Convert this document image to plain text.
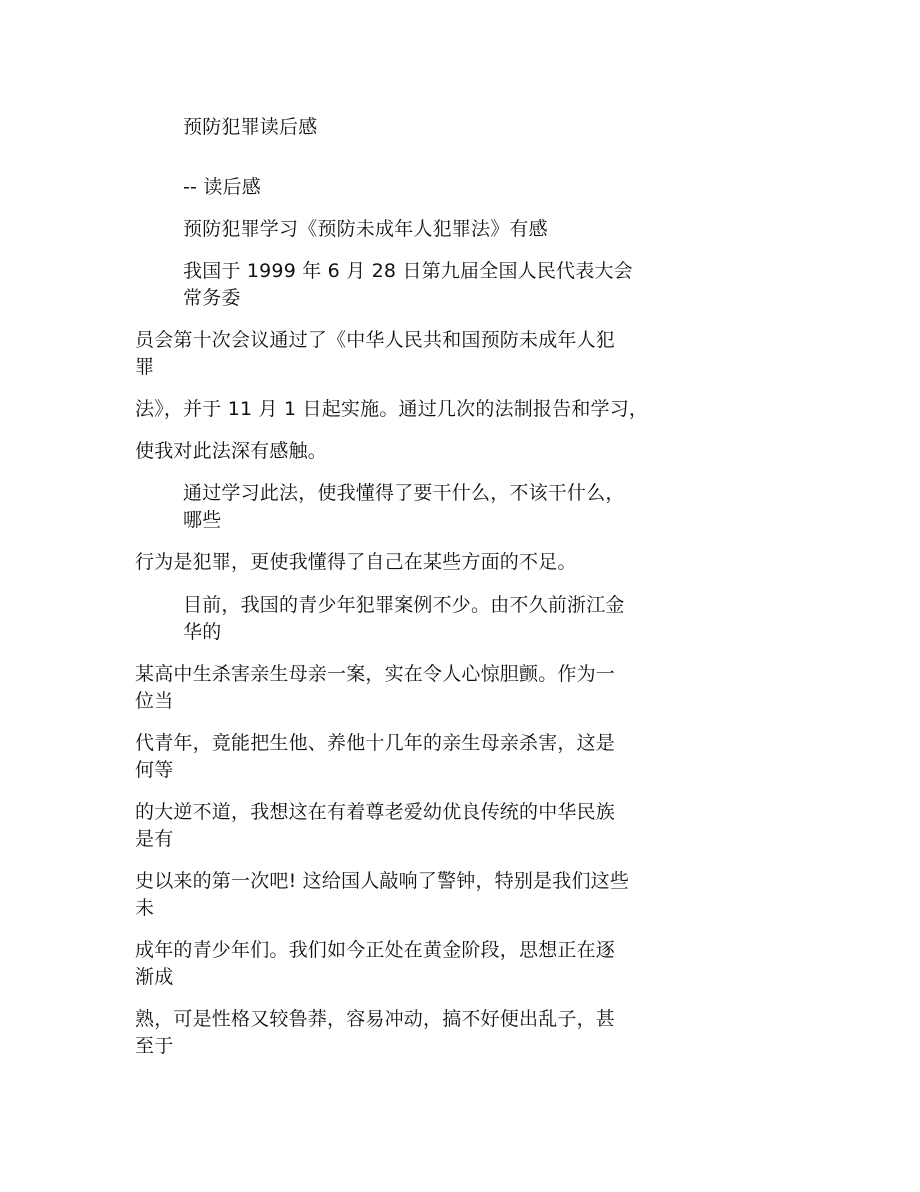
预防犯罪读后感
-- 读后感
预防犯罪学习《预防未成年人犯罪法》有感
我国于 1999 年 6 月 28 日第九届全国人民代表大会
常务委
员会第十次会议通过了《中华人民共和国预防未成年人犯
罪
法》，并于 11 月 1 日起实施。通过几次的法制报告和学习，
使我对此法深有感触。
通过学习此法，使我懂得了要干什么，不该干什么，
哪些
行为是犯罪，更使我懂得了自己在某些方面的不足。
目前，我国的青少年犯罪案例不少。由不久前浙江金
华的
某高中生杀害亲生母亲一案，实在令人心惊胆颤。作为一
位当
代青年，竟能把生他、养他十几年的亲生母亲杀害，这是
何等
的大逆不道，我想这在有着尊老爱幼优良传统的中华民族
是有
史以来的第一次吧! 这给国人敲响了警钟，特别是我们这些
未
成年的青少年们。我们如今正处在黄金阶段，思想正在逐
渐成
熟，可是性格又较鲁莽，容易冲动，搞不好便出乱子，甚
至于
